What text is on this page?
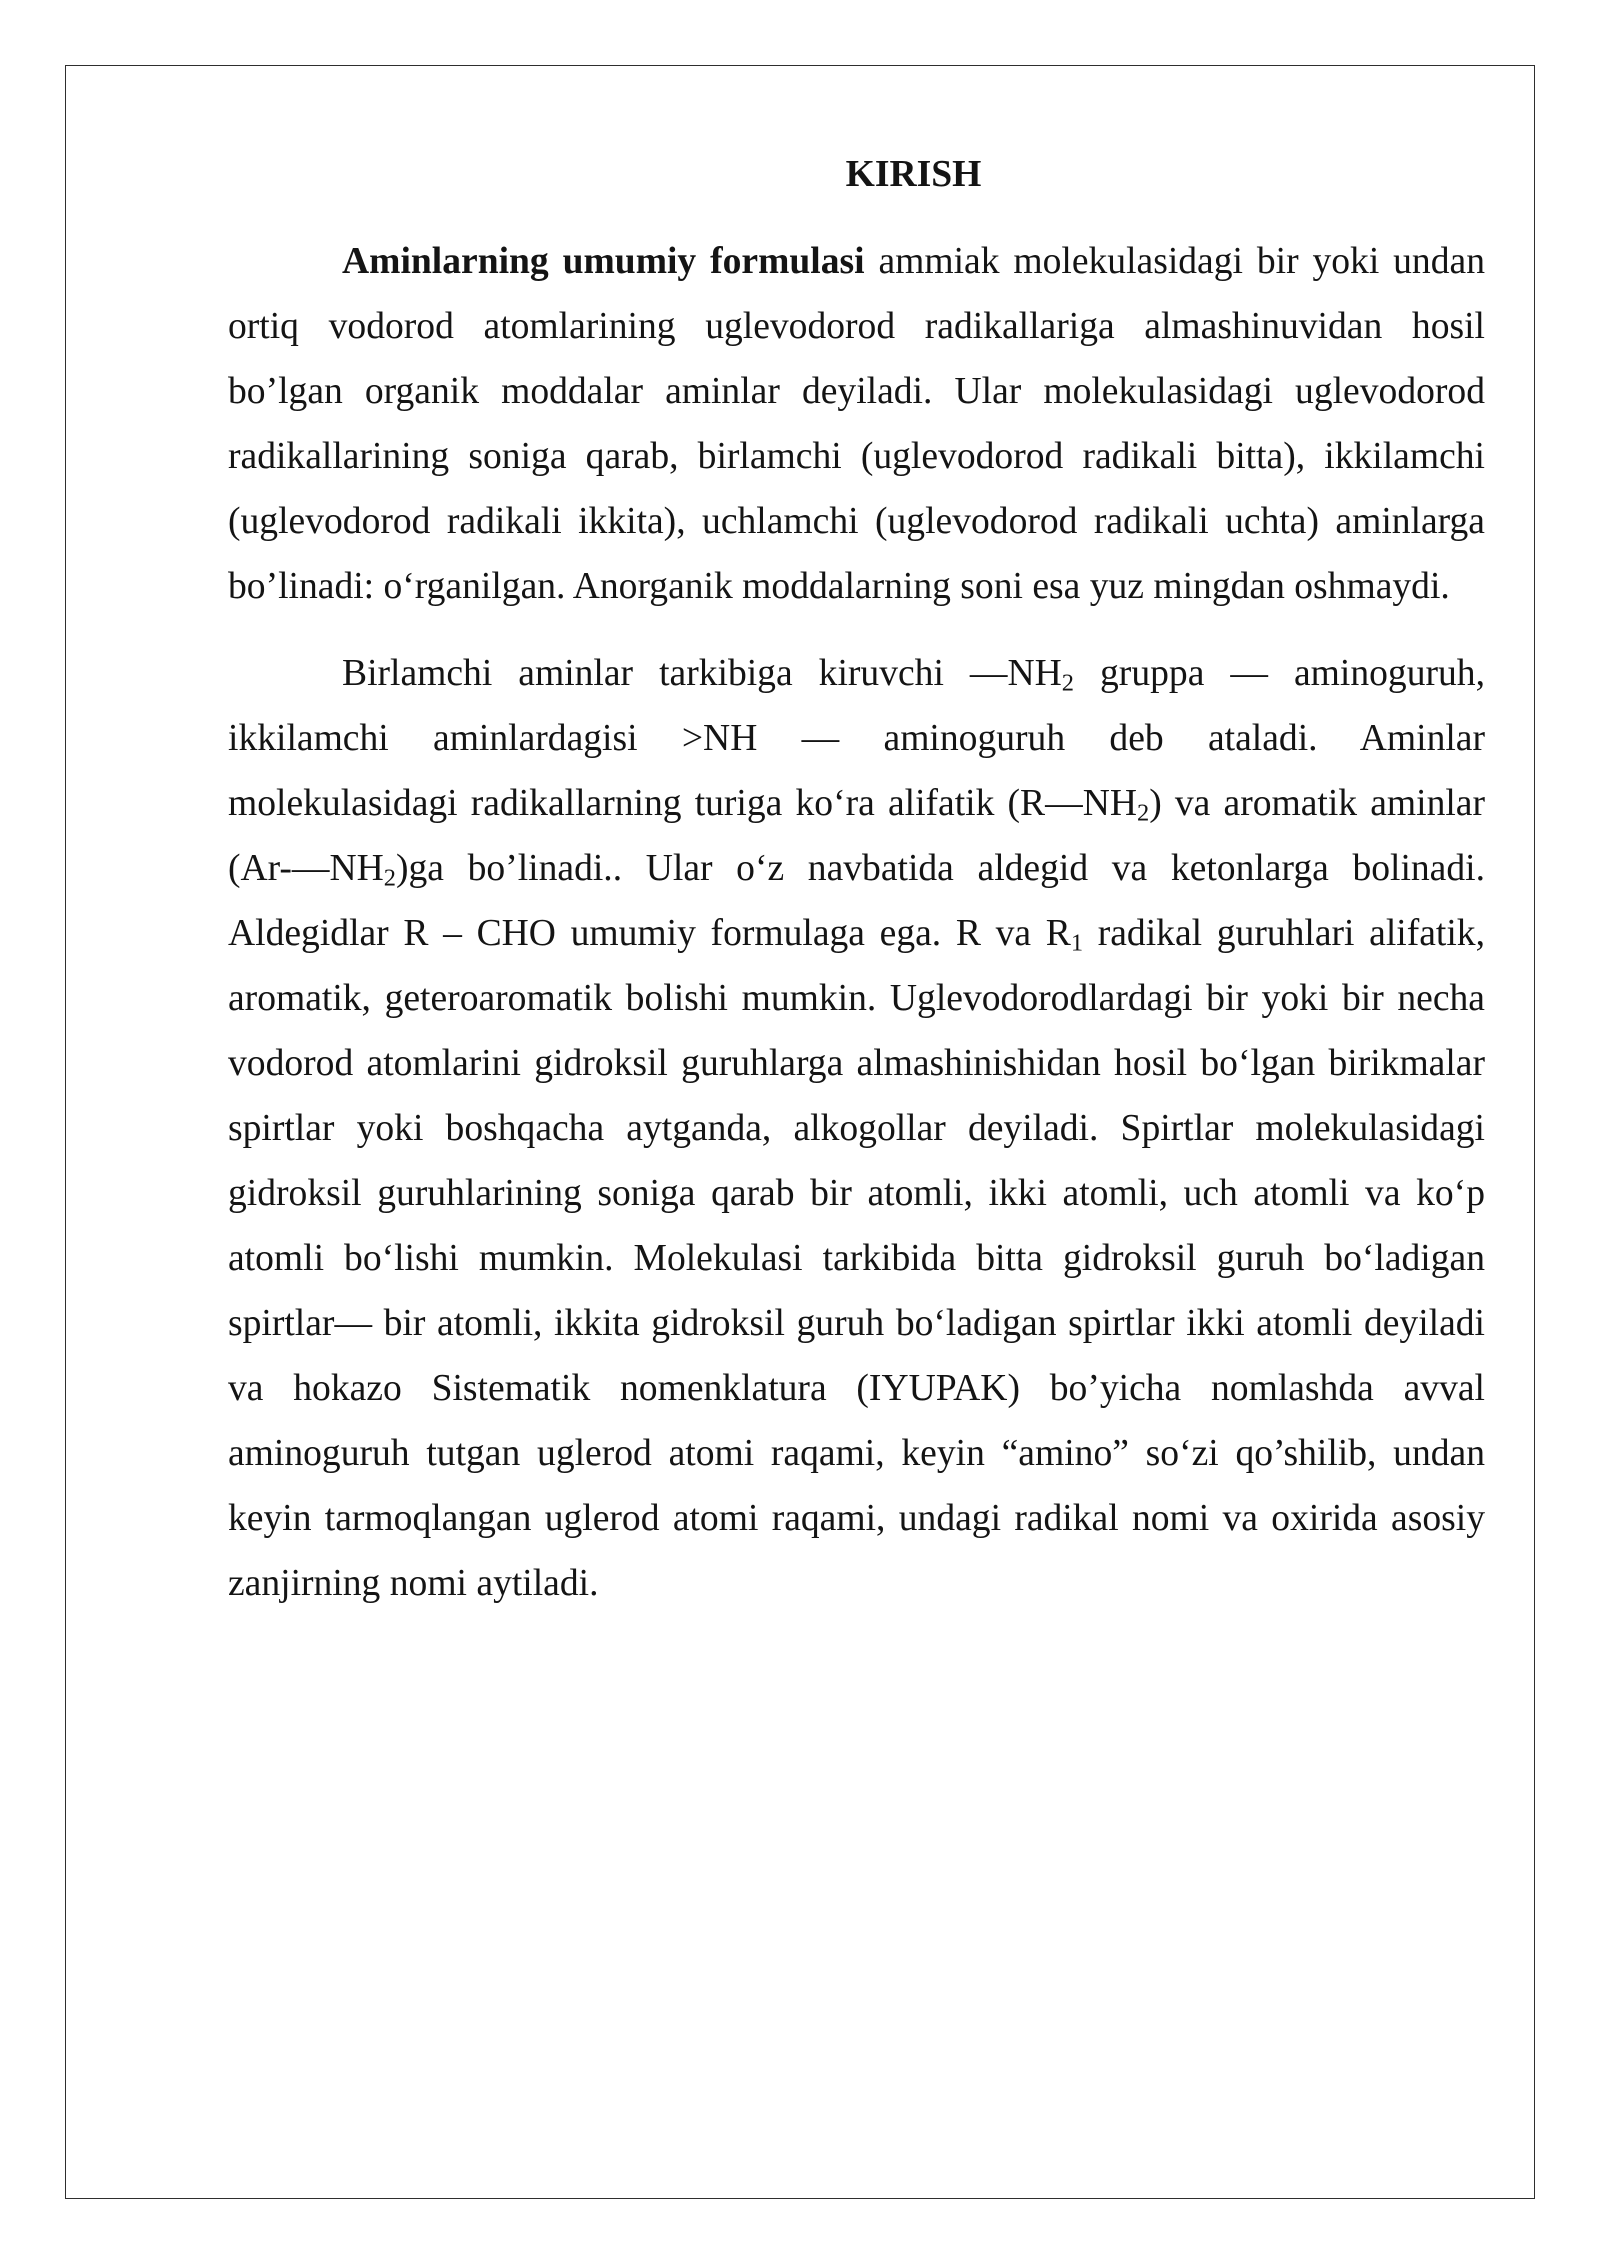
KIRISH
Aminlarning umumiy formulasi ammiak molekulasidagi bir yoki undan
ortiq vodorod atomlarining uglevodorod radikallariga almashinuvidan hosil
bo’lgan organik moddalar aminlar deyiladi. Ular molekulasidagi uglevodorod
radikallarining soniga qarab, birlamchi (uglevodorod radikali bitta), ikkilamchi
(uglevodorod radikali ikkita), uchlamchi (uglevodorod radikali uchta) aminlarga
bo’linadi: o‘rganilgan. Anorganik moddalarning soni esa yuz mingdan oshmaydi.
Birlamchi aminlar tarkibiga kiruvchi $—NH_2$ gruppa — aminoguruh,
ikkilamchi aminlardagisi >NH — aminoguruh deb ataladi. Aminlar
molekulasidagi radikallarning turiga ko‘ra alifatik $(R—NH_2)$ va aromatik aminlar
$(Ar-—NH_2)ga$ bo’linadi.. Ular o‘z navbatida aldegid va ketonlarga bolinadi.
Aldegidlar R – CHO umumiy formulaga ega. R va $R_1$ radikal guruhlari alifatik,
aromatik, geteroaromatik bolishi mumkin. Uglevodorodlardagi bir yoki bir necha
vodorod atomlarini gidroksil guruhlarga almashinishidan hosil bo‘lgan birikmalar
spirtlar yoki boshqacha aytganda, alkogollar deyiladi. Spirtlar molekulasidagi
gidroksil guruhlarining soniga qarab bir atomli, ikki atomli, uch atomli va ko‘p
atomli bo‘lishi mumkin. Molekulasi tarkibida bitta gidroksil guruh bo‘ladigan
spirtlar— bir atomli, ikkita gidroksil guruh bo‘ladigan spirtlar ikki atomli deyiladi
va hokazo Sistematik nomenklatura (IYUPAK) bo’yicha nomlashda avval
aminoguruh tutgan uglerod atomi raqami, keyin “amino” so‘zi qo’shilib, undan
keyin tarmoqlangan uglerod atomi raqami, undagi radikal nomi va oxirida asosiy
zanjirning nomi aytiladi.
